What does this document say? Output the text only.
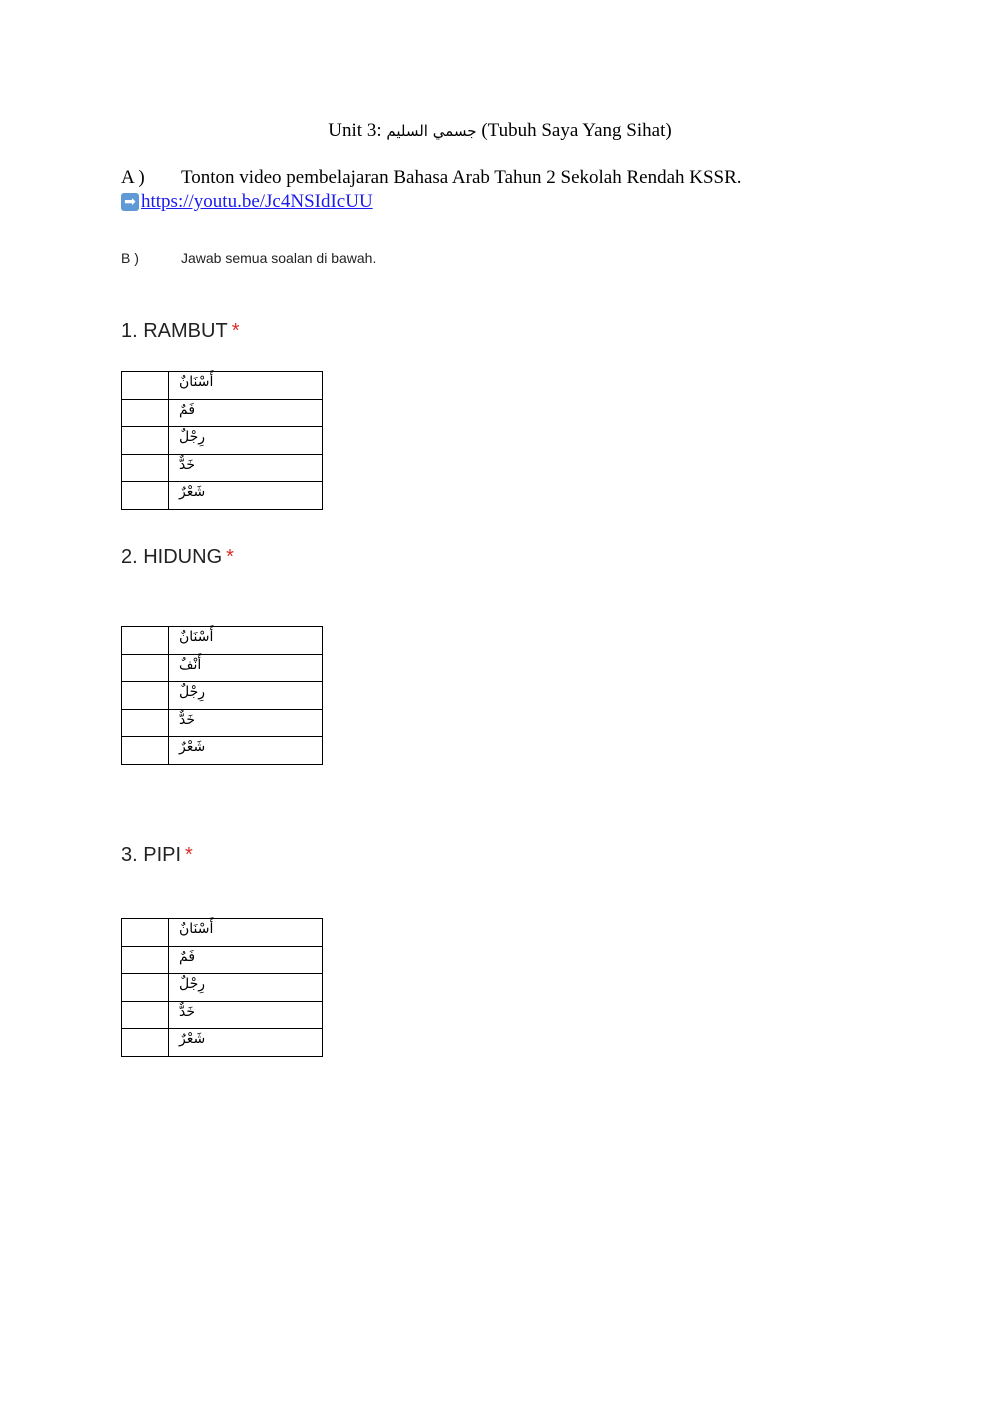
Unit 3: جسمي السليم (Tubuh Saya Yang Sihat)
A ) Tonton video pembelajaran Bahasa Arab Tahun 2 Sekolah Rendah KSSR.
➡ https://youtu.be/Jc4NSIdIcUU
B )	Jawab semua soalan di bawah.
1. RAMBUT *
	أَسْنَانٌ
	فَمٌ
	رِجْلٌ
	خَدٌّ
	شَعْرٌ
2. HIDUNG *
	أَسْنَانٌ
	أَنْفٌ
	رِجْلٌ
	خَدٌّ
	شَعْرٌ
3. PIPI *
	أَسْنَانٌ
	فَمٌ
	رِجْلٌ
	خَدٌّ
	شَعْرٌ
